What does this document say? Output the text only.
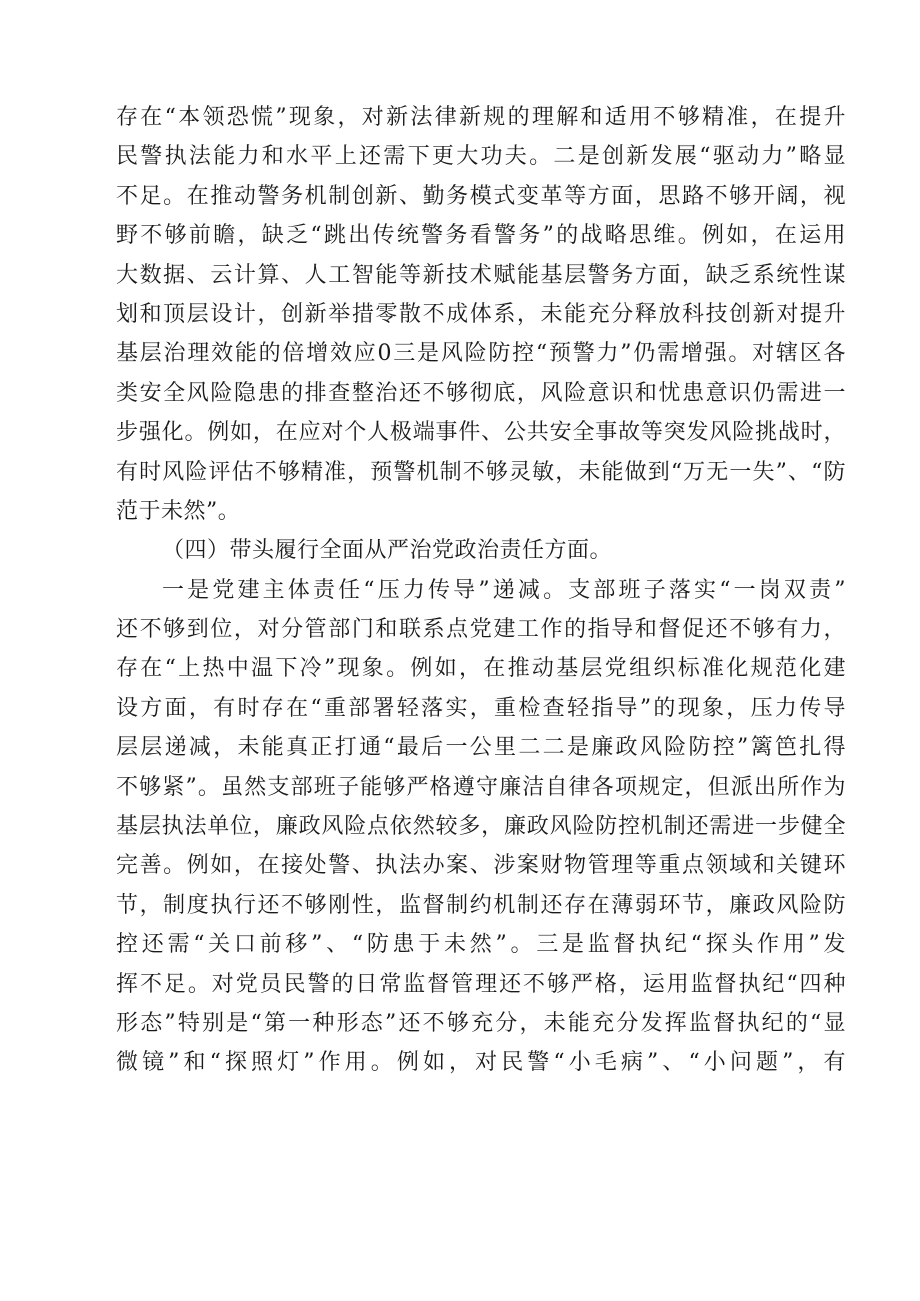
存在“本领恐慌”现象，对新法律新规的理解和适用不够精准，在提升
民警执法能力和水平上还需下更大功夫。二是创新发展“驱动力”略显
不足。在推动警务机制创新、勤务模式变革等方面，思路不够开阔，视
野不够前瞻，缺乏“跳出传统警务看警务”的战略思维。例如，在运用
大数据、云计算、人工智能等新技术赋能基层警务方面，缺乏系统性谋
划和顶层设计，创新举措零散不成体系，未能充分释放科技创新对提升
基层治理效能的倍增效应0三是风险防控“预警力”仍需增强。对辖区各
类安全风险隐患的排查整治还不够彻底，风险意识和忧患意识仍需进一
步强化。例如，在应对个人极端事件、公共安全事故等突发风险挑战时，
有时风险评估不够精准，预警机制不够灵敏，未能做到“万无一失”、“防
范于未然”。
（四）带头履行全面从严治党政治责任方面。
一是党建主体责任“压力传导”递减。支部班子落实“一岗双责”
还不够到位，对分管部门和联系点党建工作的指导和督促还不够有力，
存在“上热中温下冷”现象。例如，在推动基层党组织标准化规范化建
设方面，有时存在“重部署轻落实，重检查轻指导”的现象，压力传导
层层递减，未能真正打通“最后一公里二二是廉政风险防控”篱笆扎得
不够紧”。虽然支部班子能够严格遵守廉洁自律各项规定，但派出所作为
基层执法单位，廉政风险点依然较多，廉政风险防控机制还需进一步健全
完善。例如，在接处警、执法办案、涉案财物管理等重点领域和关键环
节，制度执行还不够刚性，监督制约机制还存在薄弱环节，廉政风险防
控还需“关口前移”、“防患于未然”。三是监督执纪“探头作用”发
挥不足。对党员民警的日常监督管理还不够严格，运用监督执纪“四种
形态”特别是“第一种形态”还不够充分，未能充分发挥监督执纪的“显
微镜”和“探照灯”作用。例如，对民警“小毛病”、“小问题”，有
